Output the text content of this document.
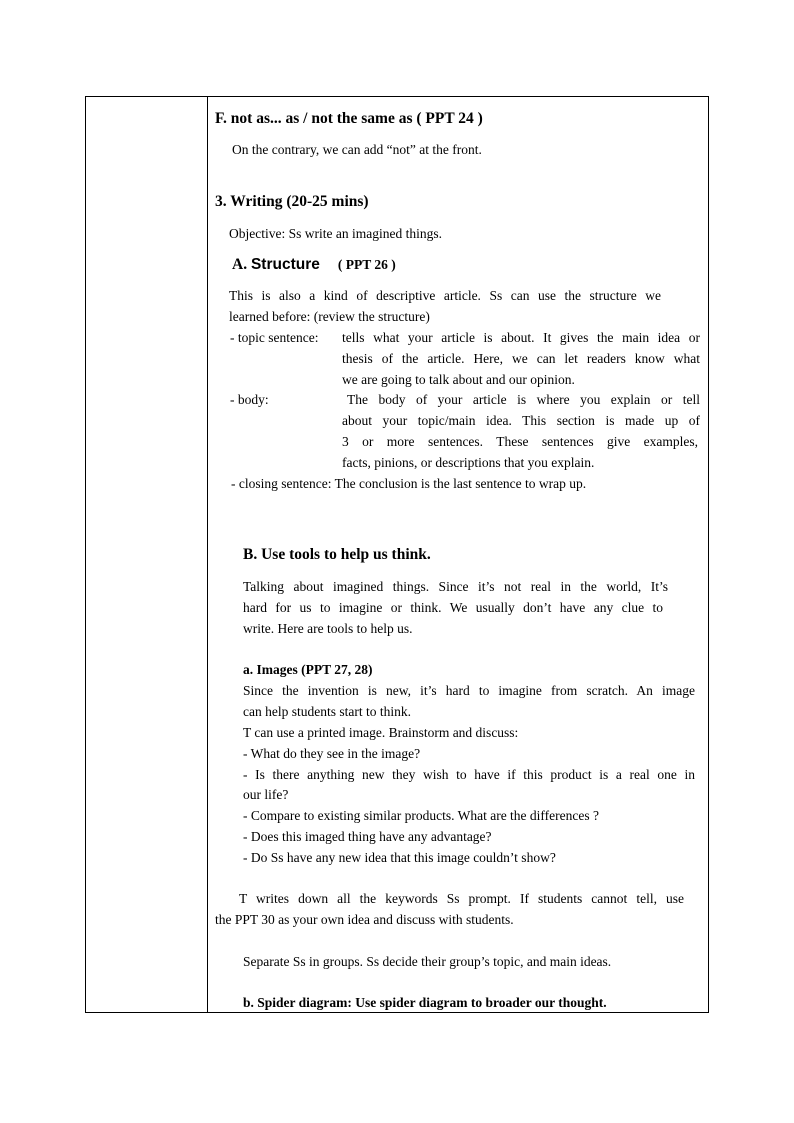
F. not as... as / not the same as ( PPT 24 )
On the contrary, we can add “not” at the front.
3. Writing (20-25 mins)
Objective: Ss write an imagined things.
A. Structure ( PPT 26 )
This is also a kind of descriptive article. Ss can use the structure we
learned before: (review the structure)
- topic sentence: tells what your article is about. It gives the main idea or
thesis of the article. Here, we can let readers know what
we are going to talk about and our opinion.
- body:	The body of your article is where you explain or tell
about your topic/main idea. This section is made up of
3 or more sentences. These sentences give examples,
facts, pinions, or descriptions that you explain.
- closing sentence: The conclusion is the last sentence to wrap up.
B. Use tools to help us think.
Talking about imagined things. Since it’s not real in the world, It’s
hard for us to imagine or think. We usually don’t have any clue to
write. Here are tools to help us.
a. Images (PPT 27, 28)
Since the invention is new, it’s hard to imagine from scratch. An image
can help students start to think.
T can use a printed image. Brainstorm and discuss:
- What do they see in the image?
- Is there anything new they wish to have if this product is a real one in
our life?
- Compare to existing similar products. What are the differences ?
- Does this imaged thing have any advantage?
- Do Ss have any new idea that this image couldn’t show?
T writes down all the keywords Ss prompt. If students cannot tell, use
the PPT 30 as your own idea and discuss with students.
Separate Ss in groups. Ss decide their group’s topic, and main ideas.
b. Spider diagram: Use spider diagram to broader our thought.
